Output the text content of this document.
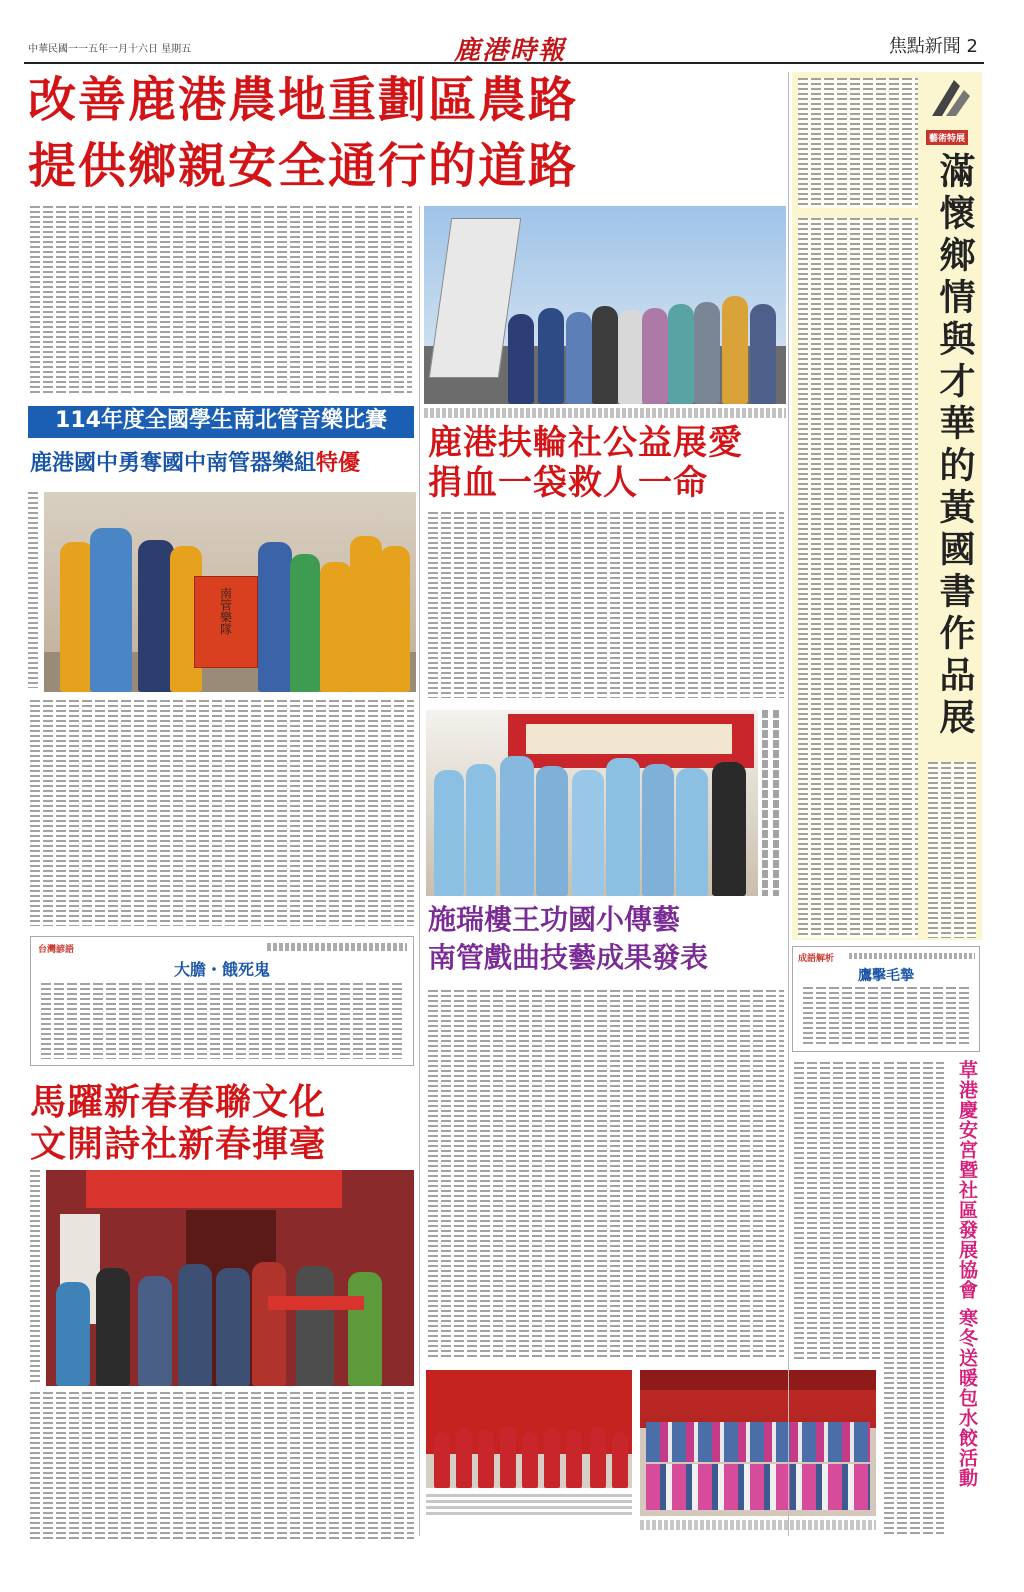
中華民國一一五年一月十六日 星期五	鹿港時報	焦點新聞 2
改善鹿港農地重劃區農路
提供鄉親安全通行的道路
114年度全國學生南北管音樂比賽
鹿港國中勇奪國中南管器樂組特優
南管樂隊
鹿港扶輪社公益展愛
捐血一袋救人一命
台灣諺語
大膽・餓死鬼
施瑞樓王功國小傳藝
南管戲曲技藝成果發表
馬躍新春春聯文化
文開詩社新春揮毫
藝術特展
滿懷鄉情與才華的黃國書作品展
成語解析
鷹擊毛摯
草港慶安宮暨社區發展協會 寒冬送暖包水餃活動
